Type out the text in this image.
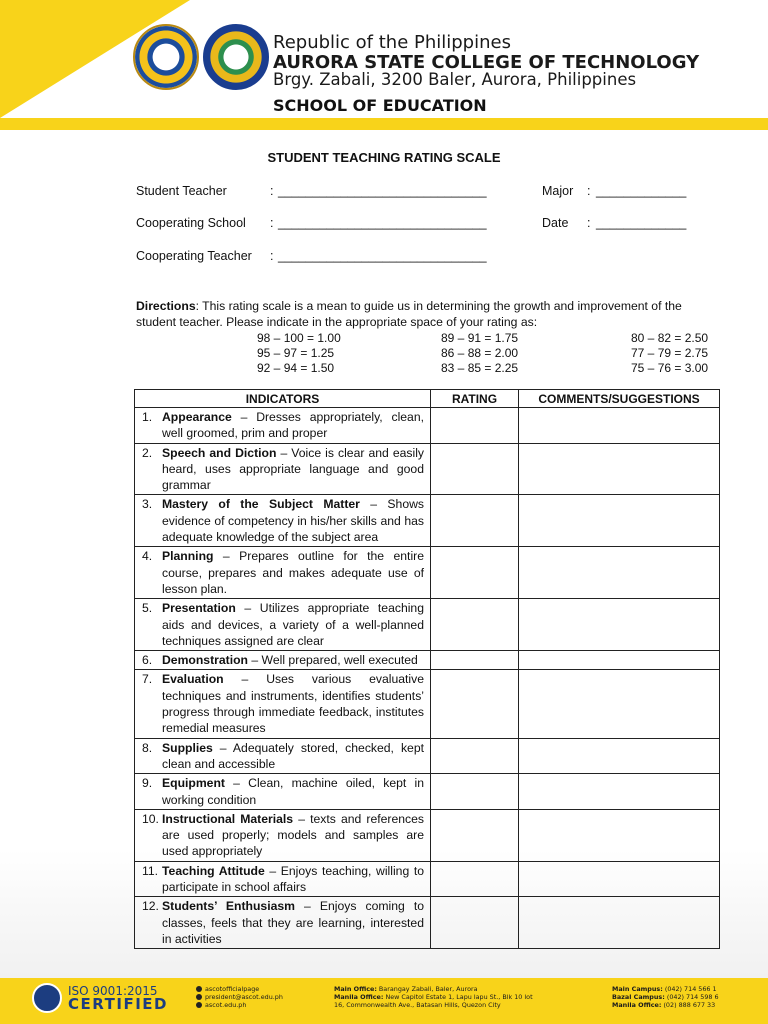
Republic of the Philippines
AURORA STATE COLLEGE OF TECHNOLOGY
Brgy. Zabali, 3200 Baler, Aurora, Philippines
SCHOOL OF EDUCATION
STUDENT TEACHING RATING SCALE
Student Teacher	: ______________________________	Major : _____________
Cooperating School : ______________________________	Date : _____________
Cooperating Teacher : ______________________________
Directions: This rating scale is a mean to guide us in determining the growth and improvement of the student teacher. Please indicate in the appropriate space of your rating as:
98 – 100 = 1.00
95 – 97 = 1.25
92 – 94 = 1.50
89 – 91 = 1.75
86 – 88 = 2.00
83 – 85 = 2.25
80 – 82 = 2.50
77 – 79 = 2.75
75 – 76 = 3.00
INDICATORS	RATING	COMMENTS/SUGGESTIONS
1. Appearance – Dresses appropriately, clean, well groomed, prim and proper		
2. Speech and Diction – Voice is clear and easily heard, uses appropriate language and good grammar		
3. Mastery of the Subject Matter – Shows evidence of competency in his/her skills and has adequate knowledge of the subject area		
4. Planning – Prepares outline for the entire course, prepares and makes adequate use of lesson plan.		
5. Presentation – Utilizes appropriate teaching aids and devices, a variety of a well-planned techniques assigned are clear		
6. Demonstration – Well prepared, well executed		
7. Evaluation – Uses various evaluative techniques and instruments, identifies students’ progress through immediate feedback, institutes remedial measures		
8. Supplies – Adequately stored, checked, kept clean and accessible		
9. Equipment – Clean, machine oiled, kept in working condition		
10. Instructional Materials – texts and references are used properly; models and samples are used appropriately		
11. Teaching Attitude – Enjoys teaching, willing to participate in school affairs		
12. Students’ Enthusiasm – Enjoys coming to classes, feels that they are learning, interested in activities		
ISO 9001:2015
CERTIFIED
ascotofficialpage
president@ascot.edu.ph
ascot.edu.ph
Main Office: Barangay Zabali, Baler, Aurora
Manila Office: New Capitol Estate 1, Lapu lapu St., Blk 10 lot 16, Commonwealth Ave., Batasan Hills, Quezon City
Main Campus: (042) 714 566 1
Bazal Campus: (042) 714 598 6
Manila Office: (02) 888 677 33
